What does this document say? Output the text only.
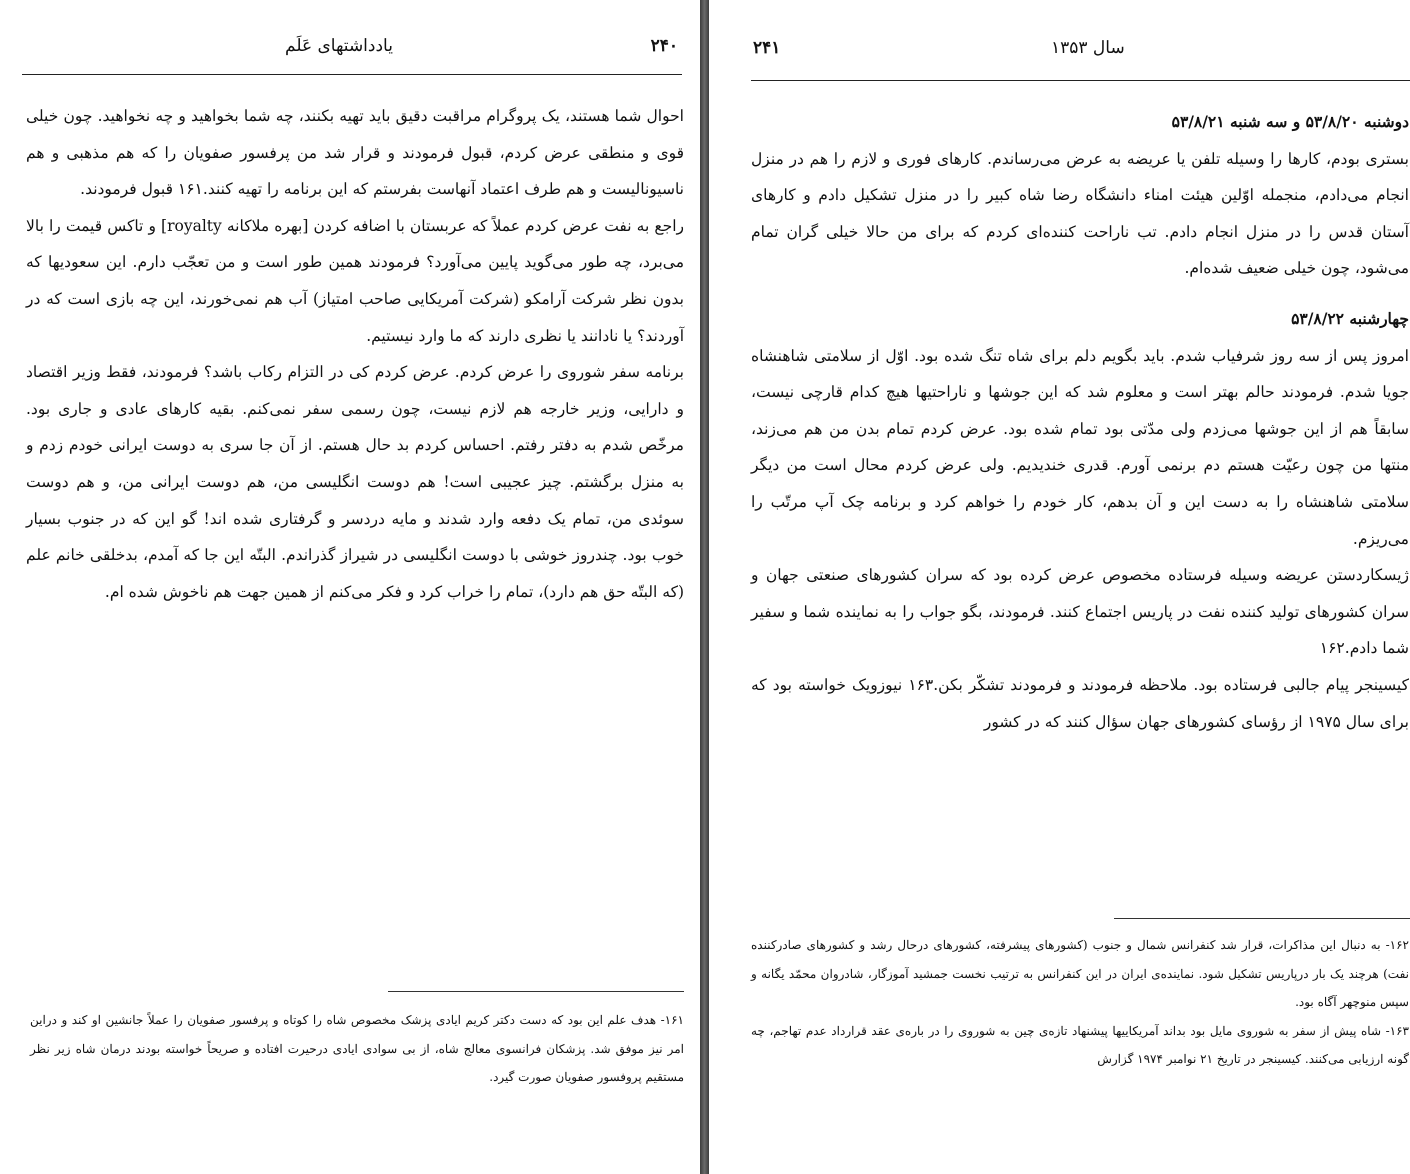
یادداشتهای عَلَم	۲۴۰

احوال شما هستند، یک پروگرام مراقبت دقیق باید تهیه بکنند، چه شما بخواهید و چه نخواهید. چون خیلی قوی و منطقی عرض کردم، قبول فرمودند و قرار شد من پرفسور صفویان را که هم مذهبی و هم ناسیونالیست و هم طرف اعتماد آنهاست بفرستم که این برنامه را تهیه کنند.۱۶۱ قبول فرمودند.

راجع به نفت عرض کردم عملاً که عربستان با اضافه کردن [بهره ملاکانه royalty] و تاکس قیمت را بالا می‌برد، چه طور می‌گوید پایین می‌آورد؟ فرمودند همین طور است و من تعجّب دارم. این سعودیها که بدون نظر شرکت آرامکو (شرکت آمریکایی صاحب امتیاز) آب هم نمی‌خورند، این چه بازی است که در آوردند؟ یا نادانند یا نظری دارند که ما وارد نیستیم.

برنامه سفر شوروی را عرض کردم. عرض کردم کی در التزام رکاب باشد؟ فرمودند، فقط وزیر اقتصاد و دارایی، وزیر خارجه هم لازم نیست، چون رسمی سفر نمی‌کنم. بقیه کارهای عادی و جاری بود. مرخّص شدم به دفتر رفتم. احساس کردم بد حال هستم. از آن جا سری به دوست ایرانی خودم زدم و به منزل برگشتم. چیز عجیبی است! هم دوست انگلیسی من، هم دوست ایرانی من، و هم دوست سوئدی من، تمام یک دفعه وارد شدند و مایه دردسر و گرفتاری شده اند! گو این که در جنوب بسیار خوب بود. چندروز خوشی با دوست انگلیسی در شیراز گذراندم. البتّه این جا که آمدم، بدخلقی خانم علم (که البتّه حق هم دارد)، تمام را خراب کرد و فکر می‌کنم از همین جهت هم ناخوش شده ام.

۱۶۱- هدف علم این بود که دست دکتر کریم ایادی پزشک مخصوص شاه را کوتاه و پرفسور صفویان را عملاً جانشین او کند و دراین امر نیز موفق شد. پزشکان فرانسوی معالج شاه، از بی سوادی ایادی درحیرت افتاده و صریحاً خواسته بودند درمان شاه زیر نظر مستقیم پروفسور صفویان صورت گیرد.

سال ۱۳۵۳
۲۴۱

دوشنبه ۵۳/۸/۲۰ و سه شنبه ۵۳/۸/۲۱

بستری بودم، کارها را وسیله تلفن یا عریضه به عرض می‌رساندم. کارهای فوری و لازم را هم در منزل انجام می‌دادم، منجمله اوّلین هیئت امناء دانشگاه رضا شاه کبیر را در منزل تشکیل دادم و کارهای آستان قدس را در منزل انجام دادم. تب ناراحت کننده‌ای کردم که برای من حالا خیلی گران تمام می‌شود، چون خیلی ضعیف شده‌ام.

چهارشنبه ۵۳/۸/۲۲

امروز پس از سه روز شرفیاب شدم. باید بگویم دلم برای شاه تنگ شده بود. اوّل از سلامتی شاهنشاه جویا شدم. فرمودند حالم بهتر است و معلوم شد که این جوشها و ناراحتیها هیچ کدام قارچی نیست، سابقاً هم از این جوشها می‌زدم ولی مدّتی بود تمام شده بود. عرض کردم تمام بدن من هم می‌زند، منتها من چون رعیّت هستم دم برنمی آورم. قدری خندیدیم. ولی عرض کردم محال است من دیگر سلامتی شاهنشاه را به دست این و آن بدهم، کار خودم را خواهم کرد و برنامه چک آپ مرتّب را می‌ریزم.

ژیسکاردستن عریضه وسیله فرستاده مخصوص عرض کرده بود که سران کشورهای صنعتی جهان و سران کشورهای تولید کننده نفت در پاریس اجتماع کنند. فرمودند، بگو جواب را به نماینده شما و سفیر شما دادم.۱۶۲

کیسینجر پیام جالبی فرستاده بود. ملاحظه فرمودند و فرمودند تشکّر بکن.۱۶۳ نیوزویک خواسته بود که برای سال ۱۹۷۵ از رؤسای کشورهای جهان سؤال کنند که در کشور

۱۶۲- به دنبال این مذاکرات، قرار شد کنفرانس شمال و جنوب (کشورهای پیشرفته، کشورهای درحال رشد و کشورهای صادرکننده نفت) هرچند یک بار درپاریس تشکیل شود. نماینده‌ی ایران در این کنفرانس به ترتیب نخست جمشید آموزگار، شادروان محمّد یگانه و سپس منوچهر آگاه بود.

۱۶۳- شاه پیش از سفر به شوروی مایل بود بداند آمریکاییها پیشنهاد تازه‌ی چین به شوروی را در باره‌ی عقد قرارداد عدم تهاجم، چه گونه ارزیابی می‌کنند. کیسینجر در تاریخ ۲۱ نوامبر ۱۹۷۴ گزارش
